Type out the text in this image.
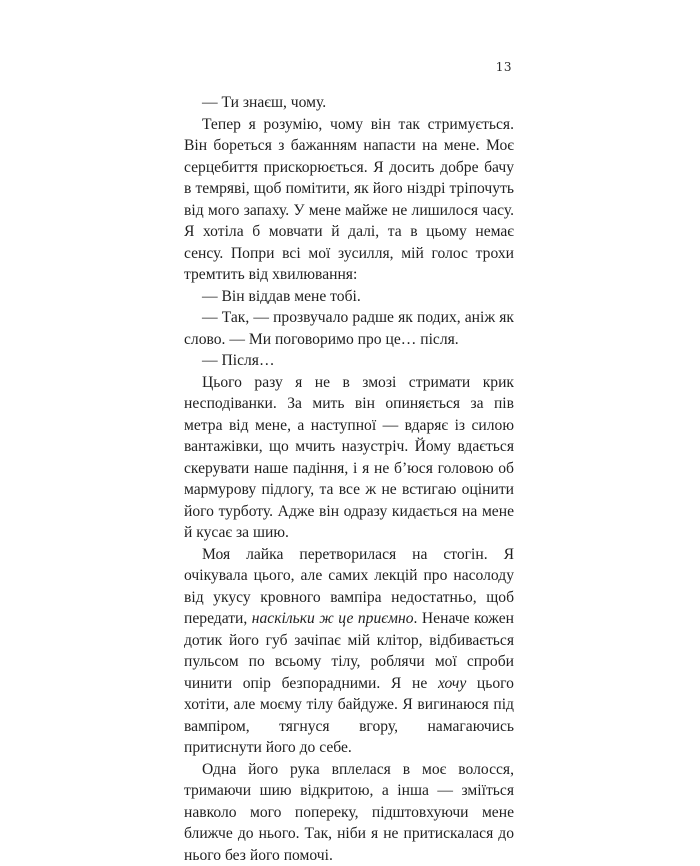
13

— Ти знаєш, чому.

Тепер я розумію, чому він так стримується. Він бореться з бажанням напасти на мене. Моє серцебиття прискорюється. Я досить добре бачу в темряві, щоб помітити, як його ніздрі тріпочуть від мого запаху. У мене майже не лишилося часу. Я хотіла б мовчати й далі, та в цьому немає сенсу. Попри всі мої зусилля, мій голос трохи тремтить від хвилювання:

— Він віддав мене тобі.

— Так, — прозвучало радше як подих, аніж як слово. — Ми поговоримо про це… після.

— Після…

Цього разу я не в змозі стримати крик несподіванки. За мить він опиняється за пів метра від мене, а наступної — вдаряє із силою вантажівки, що мчить назустріч. Йому вдається скерувати наше падіння, і я не б’юся головою об мармурову підлогу, та все ж не встигаю оцінити його турботу. Адже він одразу кидається на мене й кусає за шию.

Моя лайка перетворилася на стогін. Я очікувала цього, але самих лекцій про насолоду від укусу кровного вампіра недостатньо, щоб передати, наскільки ж це приємно. Неначе кожен дотик його губ зачіпає мій клітор, відбивається пульсом по всьому тілу, роблячи мої спроби чинити опір безпорадними. Я не хочу цього хотіти, але моєму тілу байдуже. Я вигинаюся під вампіром, тягнуся вгору, намагаючись притиснути його до себе.

Одна його рука вплелася в моє волосся, тримаючи шию відкритою, а інша — зміїться навколо мого попереку, підштовхуючи мене ближче до нього. Так, ніби я не притискалася до нього без його помочі.
